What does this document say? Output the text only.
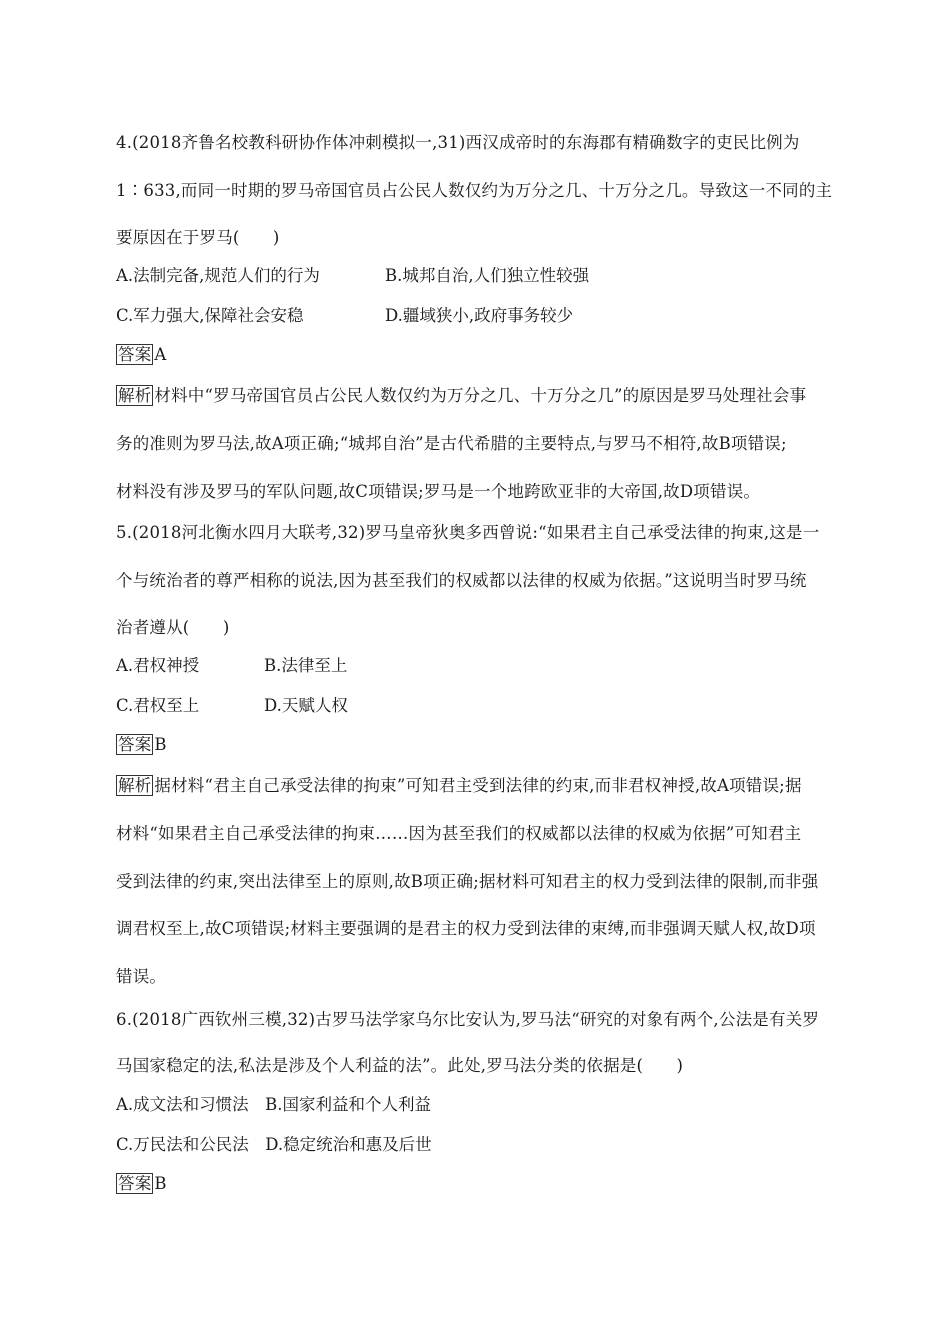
4.(2018齐鲁名校教科研协作体冲刺模拟一,31)西汉成帝时的东海郡有精确数字的吏民比例为
1∶633,而同一时期的罗马帝国官员占公民人数仅约为万分之几、十万分之几。导致这一不同的主
要原因在于罗马(　　)
A.法制完备,规范人们的行为	B.城邦自治,人们独立性较强
C.军力强大,保障社会安稳	D.疆域狭小,政府事务较少
答案 A
解析 材料中“罗马帝国官员占公民人数仅约为万分之几、十万分之几”的原因是罗马处理社会事
务的准则为罗马法,故A项正确;“城邦自治”是古代希腊的主要特点,与罗马不相符,故B项错误;
材料没有涉及罗马的军队问题,故C项错误;罗马是一个地跨欧亚非的大帝国,故D项错误。
5.(2018河北衡水四月大联考,32)罗马皇帝狄奥多西曾说:“如果君主自己承受法律的拘束,这是一
个与统治者的尊严相称的说法,因为甚至我们的权威都以法律的权威为依据。”这说明当时罗马统
治者遵从(　　)
A.君权神授	B.法律至上
C.君权至上	D.天赋人权
答案 B
解析 据材料“君主自己承受法律的拘束”可知君主受到法律的约束,而非君权神授,故A项错误;据
材料“如果君主自己承受法律的拘束……因为甚至我们的权威都以法律的权威为依据”可知君主
受到法律的约束,突出法律至上的原则,故B项正确;据材料可知君主的权力受到法律的限制,而非强
调君权至上,故C项错误;材料主要强调的是君主的权力受到法律的束缚,而非强调天赋人权,故D项
错误。
6.(2018广西钦州三模,32)古罗马法学家乌尔比安认为,罗马法“研究的对象有两个,公法是有关罗
马国家稳定的法,私法是涉及个人利益的法”。此处,罗马法分类的依据是(　　)
A.成文法和习惯法　B.国家利益和个人利益
C.万民法和公民法　D.稳定统治和惠及后世
答案 B
